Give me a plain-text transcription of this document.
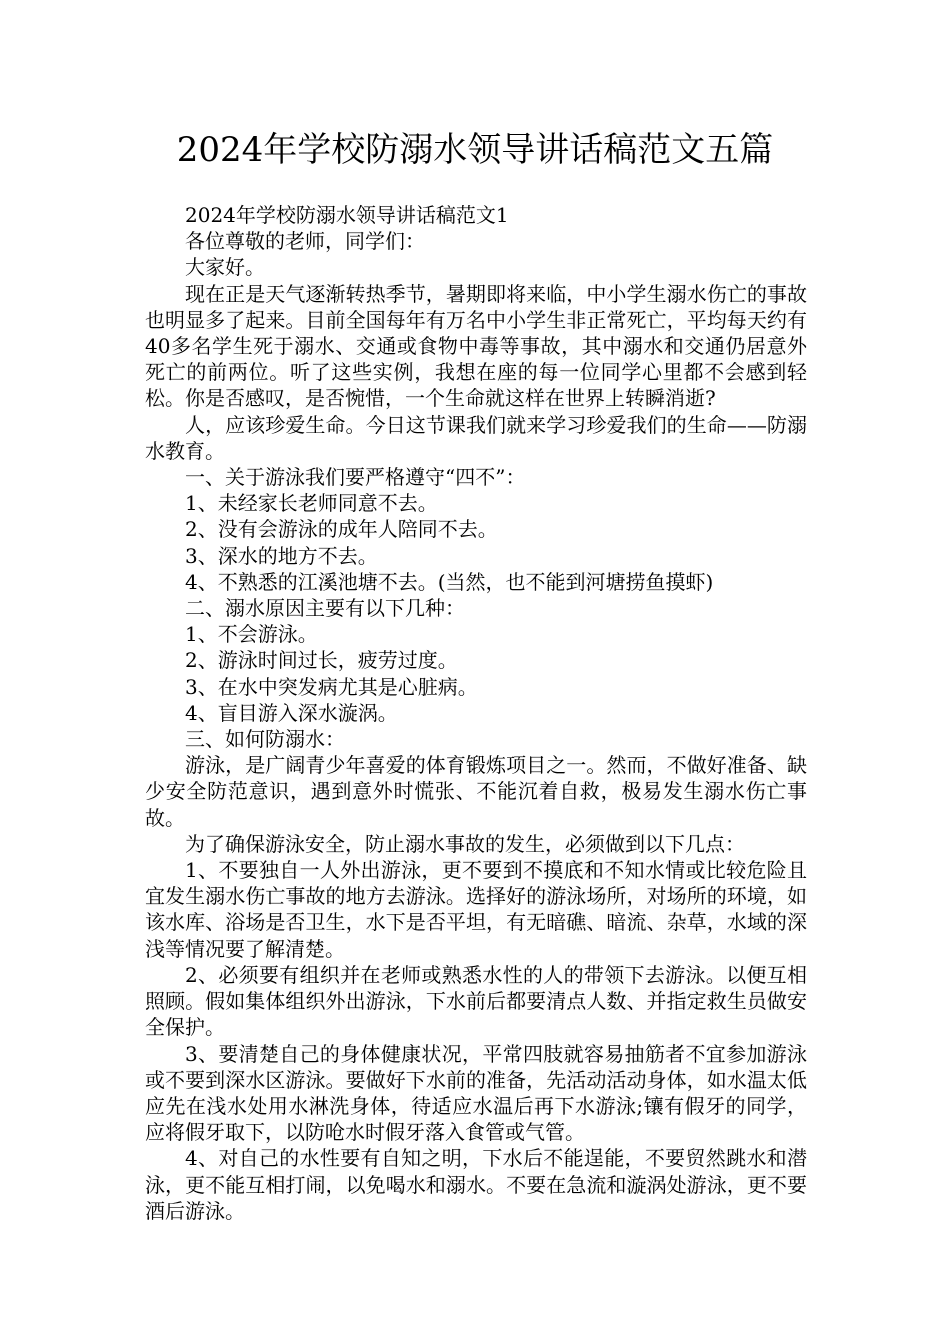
2024年学校防溺水领导讲话稿范文五篇

2024年学校防溺水领导讲话稿范文1

各位尊敬的老师，同学们：

大家好。

现在正是天气逐渐转热季节，暑期即将来临，中小学生溺水伤亡的事故也明显多了起来。目前全国每年有万名中小学生非正常死亡，平均每天约有40多名学生死于溺水、交通或食物中毒等事故，其中溺水和交通仍居意外死亡的前两位。听了这些实例，我想在座的每一位同学心里都不会感到轻松。你是否感叹，是否惋惜，一个生命就这样在世界上转瞬消逝?

人，应该珍爱生命。今日这节课我们就来学习珍爱我们的生命——防溺水教育。

一、关于游泳我们要严格遵守“四不”：

1、未经家长老师同意不去。

2、没有会游泳的成年人陪同不去。

3、深水的地方不去。

4、不熟悉的江溪池塘不去。(当然，也不能到河塘捞鱼摸虾)

二、溺水原因主要有以下几种：

1、不会游泳。

2、游泳时间过长，疲劳过度。

3、在水中突发病尤其是心脏病。

4、盲目游入深水漩涡。

三、如何防溺水：

游泳，是广阔青少年喜爱的体育锻炼项目之一。然而，不做好准备、缺少安全防范意识，遇到意外时慌张、不能沉着自救，极易发生溺水伤亡事故。

为了确保游泳安全，防止溺水事故的发生，必须做到以下几点：

1、不要独自一人外出游泳，更不要到不摸底和不知水情或比较危险且宜发生溺水伤亡事故的地方去游泳。选择好的游泳场所，对场所的环境，如该水库、浴场是否卫生，水下是否平坦，有无暗礁、暗流、杂草，水域的深浅等情况要了解清楚。

2、必须要有组织并在老师或熟悉水性的人的带领下去游泳。以便互相照顾。假如集体组织外出游泳，下水前后都要清点人数、并指定救生员做安全保护。

3、要清楚自己的身体健康状况，平常四肢就容易抽筋者不宜参加游泳或不要到深水区游泳。要做好下水前的准备，先活动活动身体，如水温太低应先在浅水处用水淋洗身体，待适应水温后再下水游泳;镶有假牙的同学，应将假牙取下，以防呛水时假牙落入食管或气管。

4、对自己的水性要有自知之明，下水后不能逞能，不要贸然跳水和潜泳，更不能互相打闹，以免喝水和溺水。不要在急流和漩涡处游泳，更不要酒后游泳。
